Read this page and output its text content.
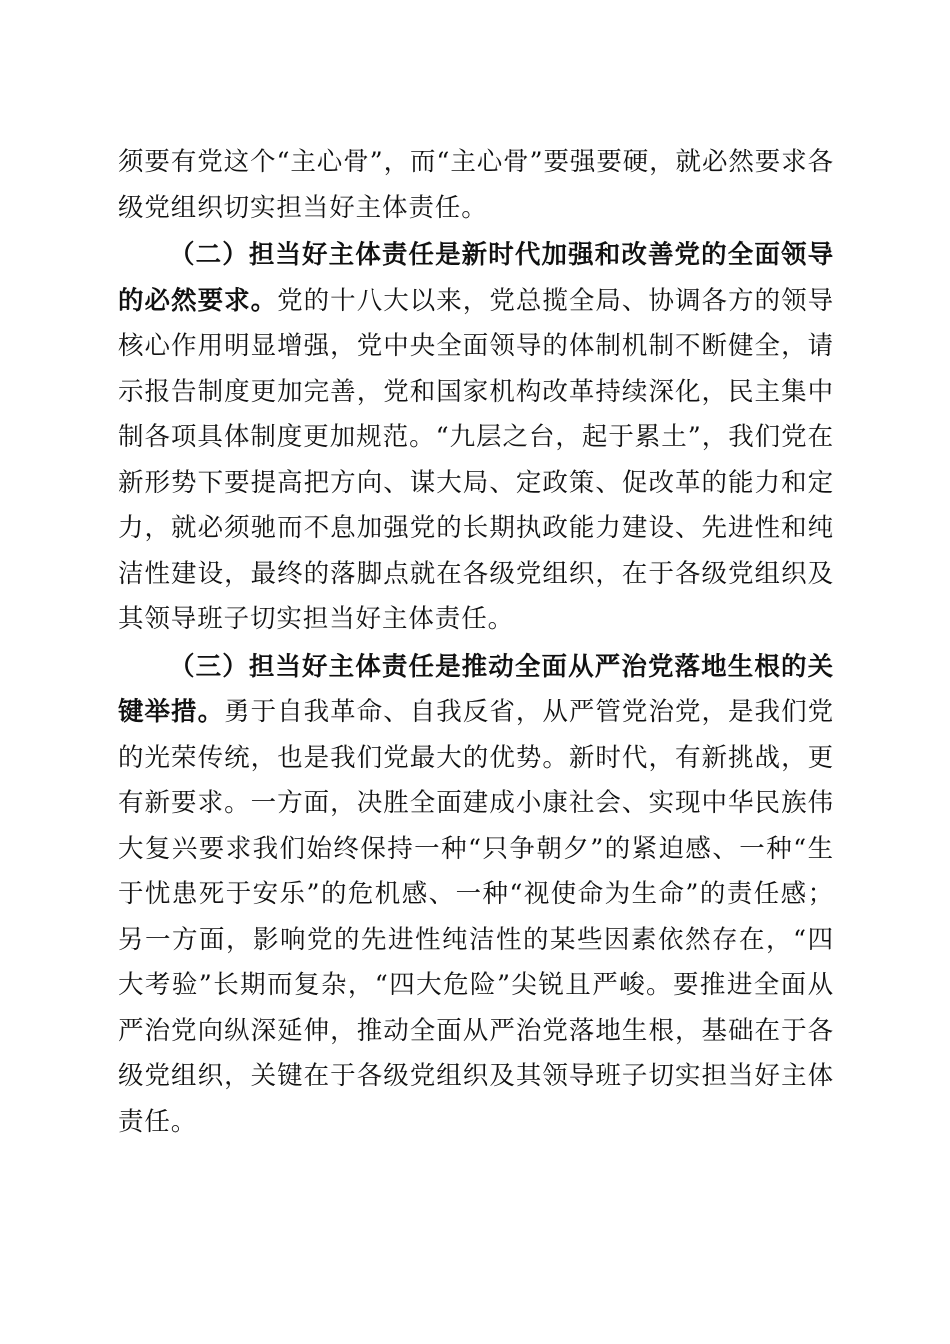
须要有党这个“主心骨”，而“主心骨”要强要硬，就必然要求各级党组织切实担当好主体责任。

（二）担当好主体责任是新时代加强和改善党的全面领导的必然要求。党的十八大以来，党总揽全局、协调各方的领导核心作用明显增强，党中央全面领导的体制机制不断健全，请示报告制度更加完善，党和国家机构改革持续深化，民主集中制各项具体制度更加规范。“九层之台，起于累土”，我们党在新形势下要提高把方向、谋大局、定政策、促改革的能力和定力，就必须驰而不息加强党的长期执政能力建设、先进性和纯洁性建设，最终的落脚点就在各级党组织，在于各级党组织及其领导班子切实担当好主体责任。

（三）担当好主体责任是推动全面从严治党落地生根的关键举措。勇于自我革命、自我反省，从严管党治党，是我们党的光荣传统，也是我们党最大的优势。新时代，有新挑战，更有新要求。一方面，决胜全面建成小康社会、实现中华民族伟大复兴要求我们始终保持一种“只争朝夕”的紧迫感、一种“生于忧患死于安乐”的危机感、一种“视使命为生命”的责任感；另一方面，影响党的先进性纯洁性的某些因素依然存在，“四大考验”长期而复杂，“四大危险”尖锐且严峻。要推进全面从严治党向纵深延伸，推动全面从严治党落地生根，基础在于各级党组织，关键在于各级党组织及其领导班子切实担当好主体责任。
